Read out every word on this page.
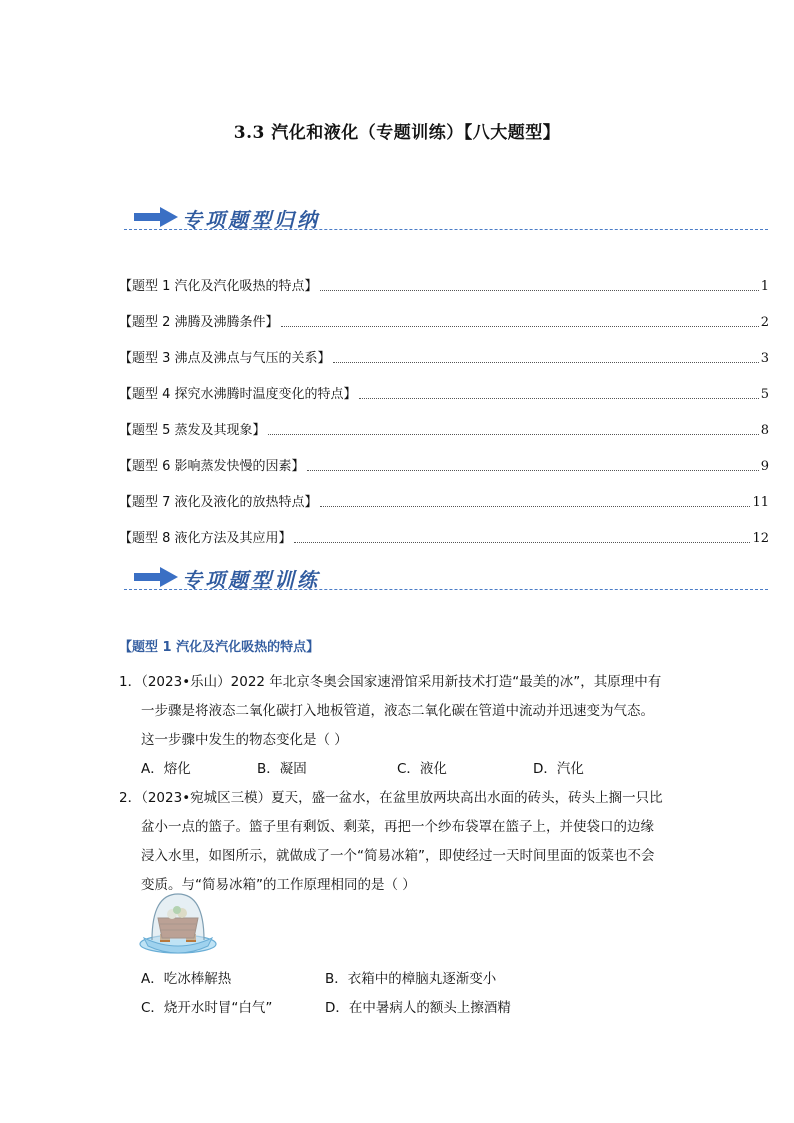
3.3 汽化和液化（专题训练）【八大题型】
专项题型归纳
【题型 1 汽化及汽化吸热的特点】	1
【题型 2 沸腾及沸腾条件】	2
【题型 3 沸点及沸点与气压的关系】	3
【题型 4 探究水沸腾时温度变化的特点】	5
【题型 5 蒸发及其现象】	8
【题型 6 影响蒸发快慢的因素】	9
【题型 7 液化及液化的放热特点】	11
【题型 8 液化方法及其应用】	12
专项题型训练
【题型 1 汽化及汽化吸热的特点】
1．（2023•乐山）2022 年北京冬奥会国家速滑馆采用新技术打造“最美的冰”，其原理中有
一步骤是将液态二氧化碳打入地板管道，液态二氧化碳在管道中流动并迅速变为气态。
这一步骤中发生的物态变化是（ ）
A．熔化	B．凝固	C．液化	D．汽化
2．（2023•宛城区三模）夏天，盛一盆水，在盆里放两块高出水面的砖头，砖头上搁一只比
盆小一点的篮子。篮子里有剩饭、剩菜，再把一个纱布袋罩在篮子上，并使袋口的边缘
浸入水里，如图所示，就做成了一个“简易冰箱”，即使经过一天时间里面的饭菜也不会
变质。与“简易冰箱”的工作原理相同的是（ ）
A．吃冰棒解热	B．衣箱中的樟脑丸逐渐变小
C．烧开水时冒“白气”	D．在中暑病人的额头上擦酒精
